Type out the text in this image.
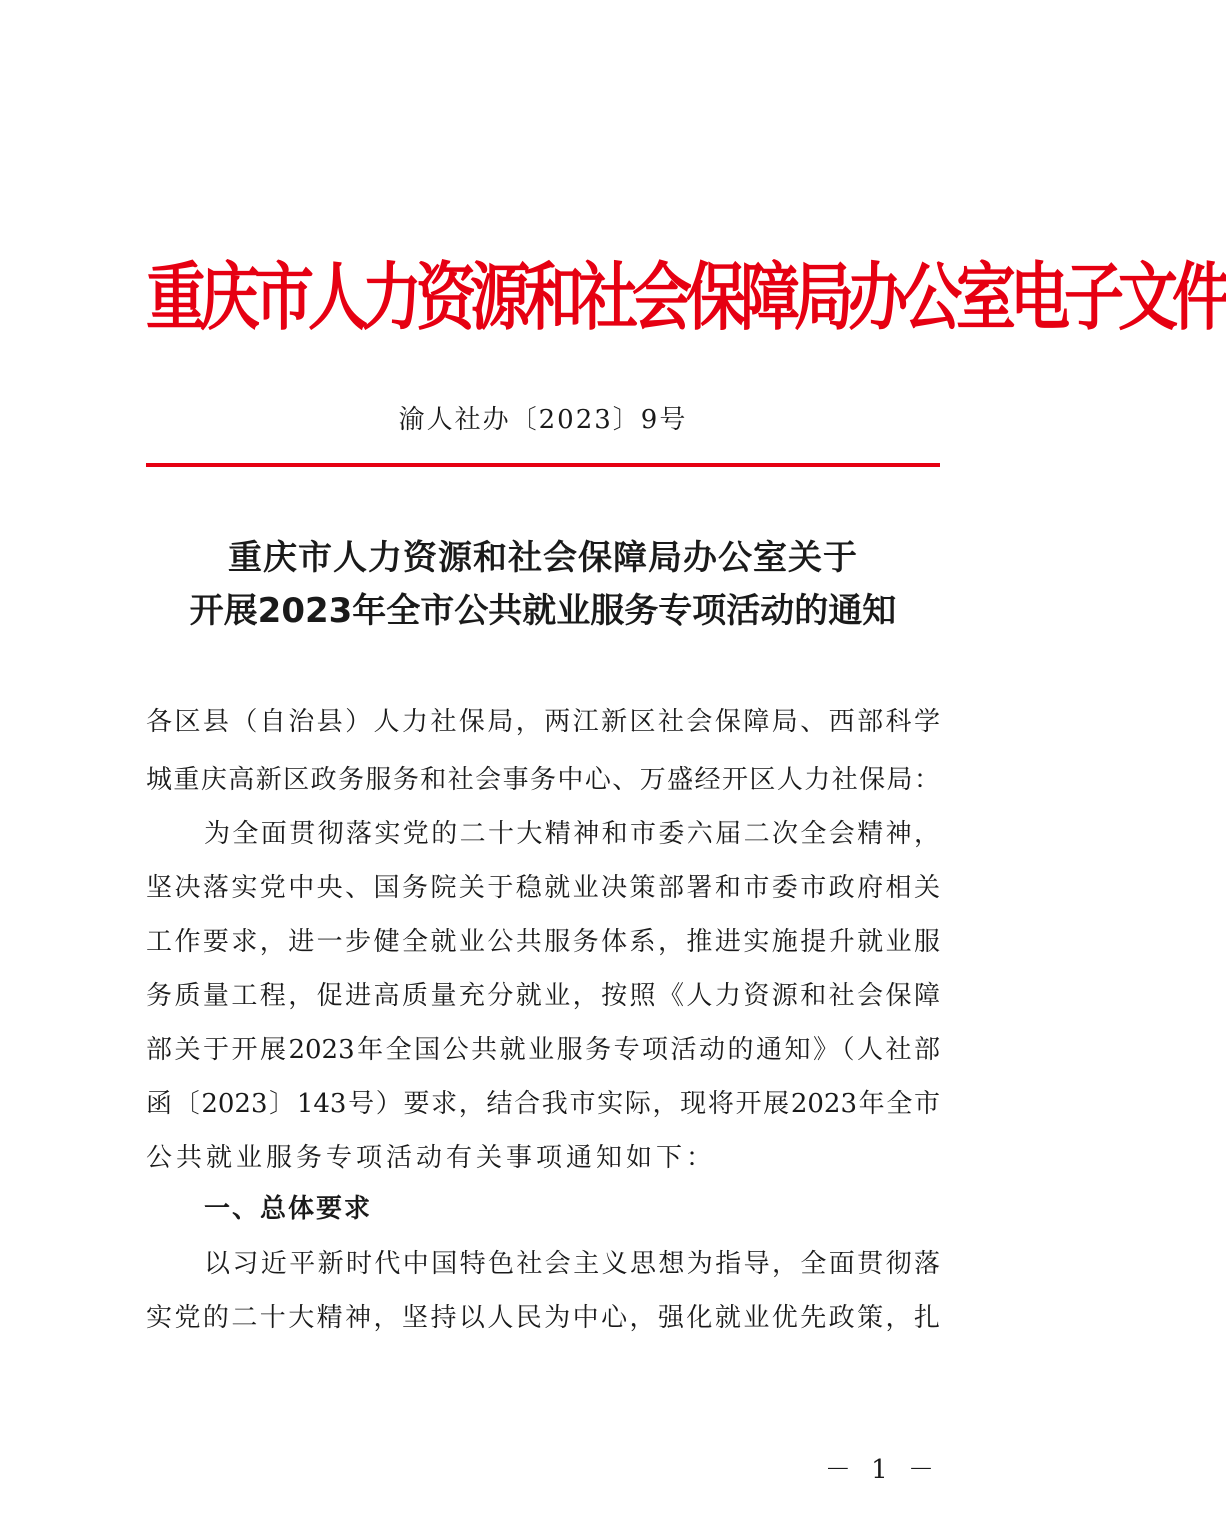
重庆市人力资源和社会保障局办公室电子文件
渝人社办〔2023〕9号
重庆市人力资源和社会保障局办公室关于
开展2023年全市公共就业服务专项活动的通知
各区县（自治县）人力社保局，两江新区社会保障局、西部科学
城重庆高新区政务服务和社会事务中心、万盛经开区人力社保局：
为全面贯彻落实党的二十大精神和市委六届二次全会精神，
坚决落实党中央、国务院关于稳就业决策部署和市委市政府相关
工作要求，进一步健全就业公共服务体系，推进实施提升就业服
务质量工程，促进高质量充分就业，按照《人力资源和社会保障
部关于开展2023年全国公共就业服务专项活动的通知》（人社部
函〔2023〕143号）要求，结合我市实际，现将开展2023年全市
公共就业服务专项活动有关事项通知如下：
一、总体要求
以习近平新时代中国特色社会主义思想为指导，全面贯彻落
实党的二十大精神，坚持以人民为中心，强化就业优先政策，扎
－ 1 －
